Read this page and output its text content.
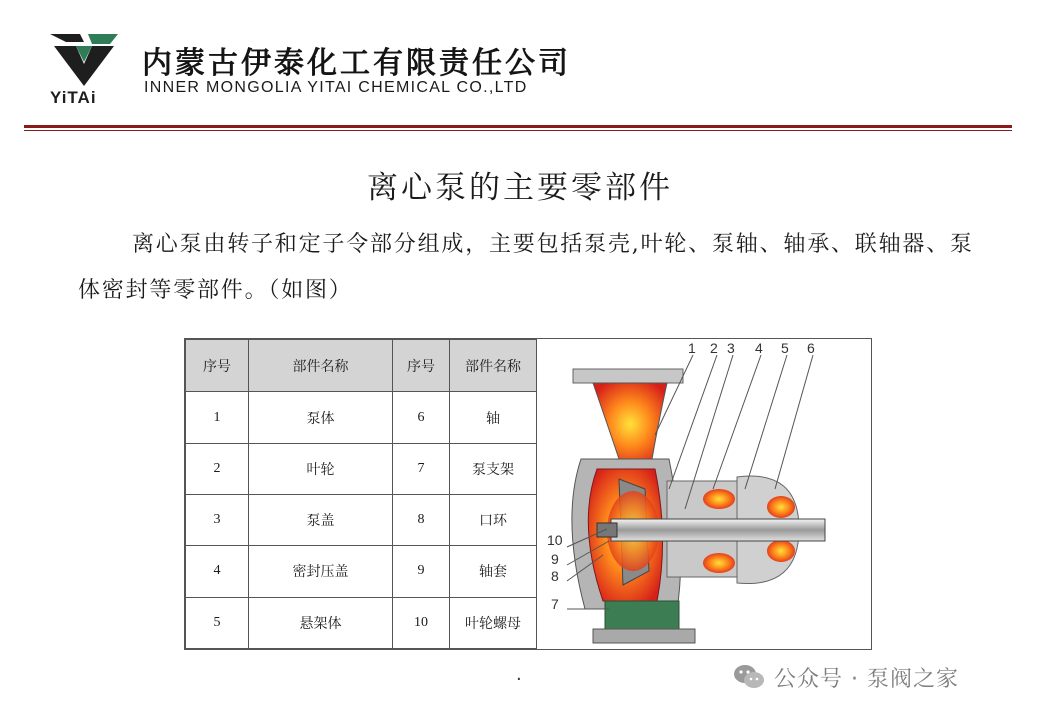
YiTAi
内蒙古伊泰化工有限责任公司
INNER MONGOLIA YITAI CHEMICAL CO.,LTD
离心泵的主要零部件
离心泵由转子和定子令部分组成，主要包括泵壳,叶轮、泵轴、轴承、联轴器、泵体密封等零部件。（如图）
序号	部件名称	序号	部件名称
1	泵体	6	轴
2	叶轮	7	泵支架
3	泵盖	8	口环
4	密封压盖	9	轴套
5	悬架体	10	叶轮螺母
1 2 3 4 5 6
10
9
8
7
.	公众号 · 泵阀之家
